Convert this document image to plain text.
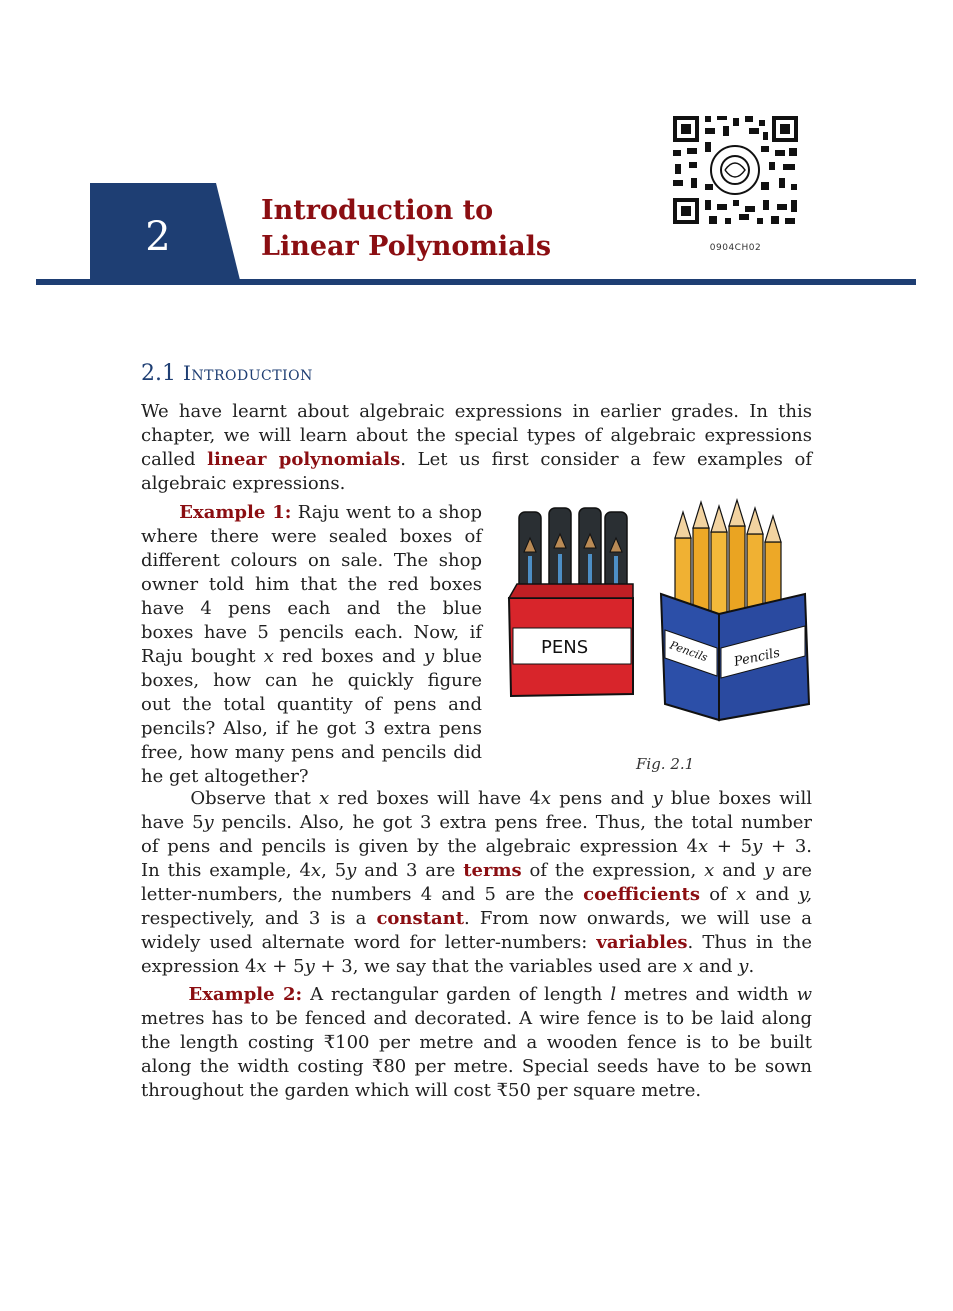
2
Introduction to
Linear Polynomials	0904CH02
2.1 Introduction
We have learnt about algebraic expressions in earlier grades. In this
chapter, we will learn about the special types of algebraic expressions
called linear polynomials. Let us first consider a few examples of
algebraic expressions.
Example 1: Raju went to a shop
where there were sealed boxes of
different colours on sale. The shop
owner told him that the red boxes
have 4 pens each and the blue
boxes have 5 pencils each. Now, if
Raju bought x red boxes and y blue
boxes, how can he quickly figure
out the total quantity of pens and
pencils? Also, if he got 3 extra pens
free, how many pens and pencils did
he get altogether?
PENS	Pencils Pencils
Fig. 2.1
Observe that x red boxes will have 4x pens and y blue boxes will
have 5y pencils. Also, he got 3 extra pens free. Thus, the total number
of pens and pencils is given by the algebraic expression 4x + 5y + 3.
In this example, 4x, 5y and 3 are terms of the expression, x and y are
letter-numbers, the numbers 4 and 5 are the coefficients of x and y,
respectively, and 3 is a constant. From now onwards, we will use a
widely used alternate word for letter-numbers: variables. Thus in the
expression 4x + 5y + 3, we say that the variables used are x and y.
Example 2: A rectangular garden of length l metres and width w
metres has to be fenced and decorated. A wire fence is to be laid along
the length costing ₹100 per metre and a wooden fence is to be built
along the width costing ₹80 per metre. Special seeds have to be sown
throughout the garden which will cost ₹50 per square metre.
